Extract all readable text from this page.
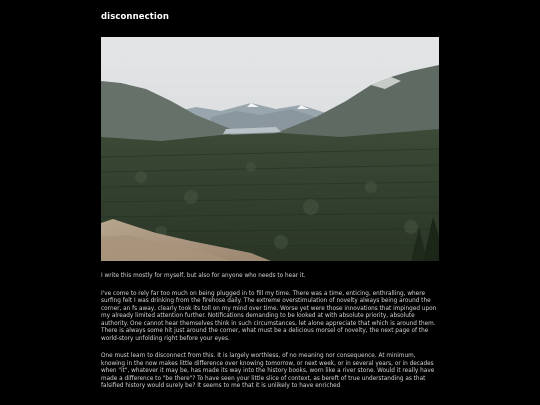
disconnection

I write this mostly for myself, but also for anyone who needs to hear it.

I've come to rely far too much on being plugged in to fill my time. There was a time, enticing, enthralling, where surfing felt I was drinking from the firehose daily. The extreme overstimulation of novelty always being around the corner, an fs away, clearly took its toll on my mind over time. Worse yet were those innovations that impinged upon my already limited attention further. Notifications demanding to be looked at with absolute priority, absolute authority. One cannot hear themselves think in such circumstances, let alone appreciate that which is around them. There is always some hit just around the corner, what must be a delicious morsel of novelty, the next page of the world-story unfolding right before your eyes.

One must learn to disconnect from this. It is largely worthless, of no meaning nor consequence. At minimum, knowing in the now makes little difference over knowing tomorrow, or next week, or in several years, or in decades when "it", whatever it may be, has made its way into the history books, worn like a river stone. Would it really have made a difference to "be there"? To have seen your little slice of context, as bereft of true understanding as that falsified history would surely be? It seems to me that it is unlikely to have enriched
